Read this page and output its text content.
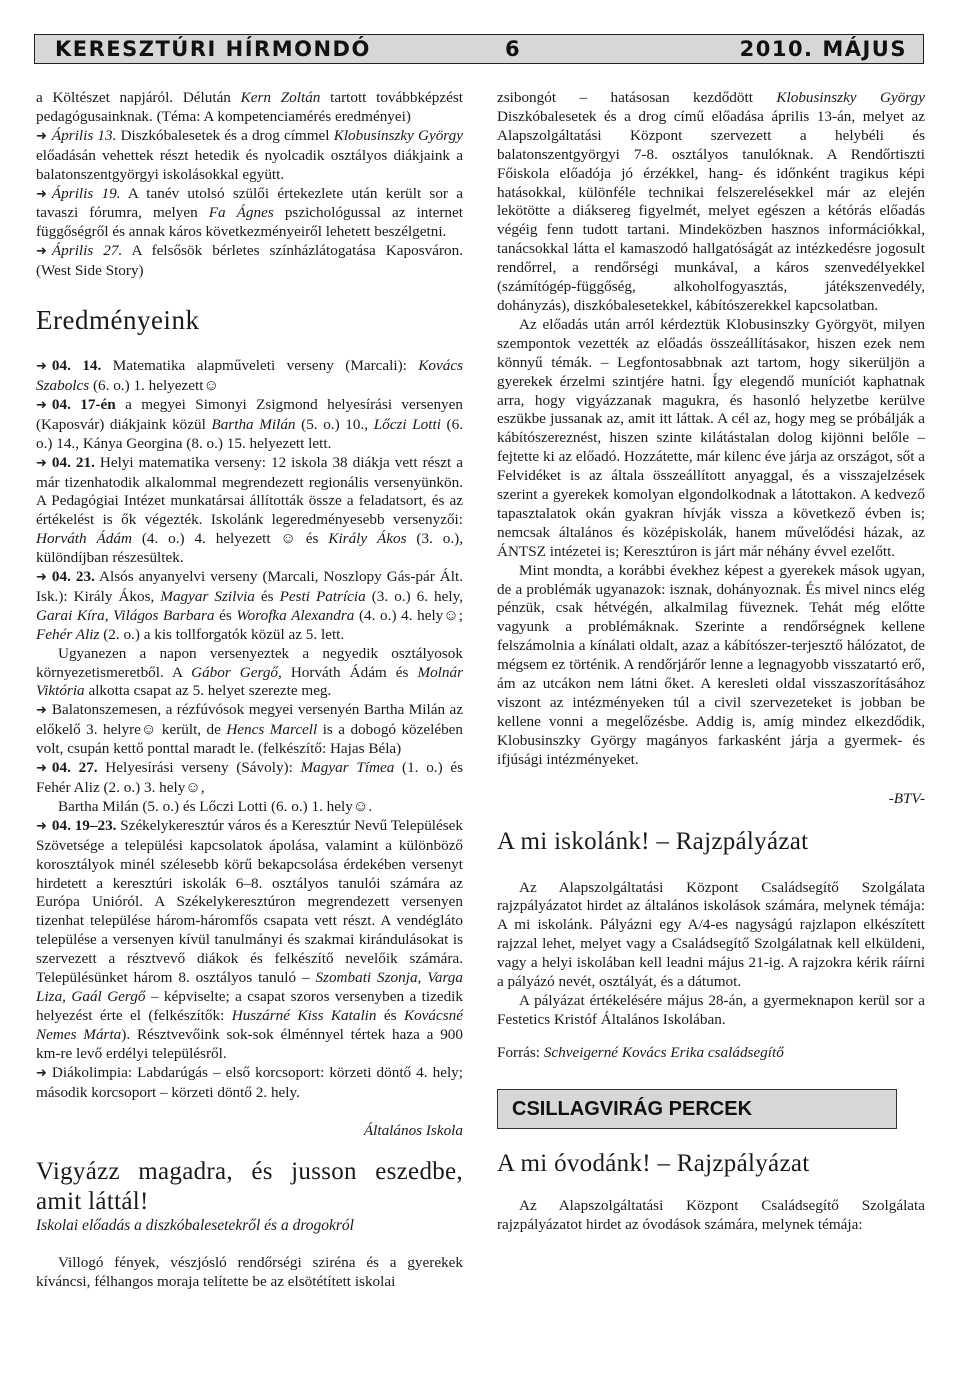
KERESZTÚRI HÍRMONDÓ	6	2010. MÁJUS

a Költészet napjáról. Délután Kern Zoltán tartott továbbképzést pedagógusainknak. (Téma: A kompetenciamérés eredményei)

➜ Április 13. Diszkóbalesetek és a drog címmel Klobusinszky György előadásán vehettek részt hetedik és nyolcadik osztályos diákjaink a balatonszentgyörgyi iskolásokkal együtt.

➜ Április 19. A tanév utolsó szülői értekezlete után került sor a tavaszi fórumra, melyen Fa Ágnes pszichológussal az internet függőségről és annak káros következményeiről lehetett beszélgetni.

➜ Április 27. A felsősök bérletes színházlátogatása Kaposváron. (West Side Story)

Eredményeink

➜ 04. 14. Matematika alapműveleti verseny (Marcali): Kovács Szabolcs (6. o.) 1. helyezett☺

➜ 04. 17-én a megyei Simonyi Zsigmond helyesírási versenyen (Kaposvár) diákjaink közül Bartha Milán (5. o.) 10., Lőczi Lotti (6. o.) 14., Kánya Georgina (8. o.) 15. helyezett lett.

➜ 04. 21. Helyi matematika verseny: 12 iskola 38 diákja vett részt a már tizenhatodik alkalommal megrendezett regionális versenyünkön. A Pedagógiai Intézet munkatársai állították össze a feladatsort, és az értékelést is ők végezték. Iskolánk legeredményesebb versenyzői: Horváth Ádám (4. o.) 4. helyezett ☺ és Király Ákos (3. o.), különdíjban részesültek.

➜ 04. 23. Alsós anyanyelvi verseny (Marcali, Noszlopy Gás-pár Ált. Isk.): Király Ákos, Magyar Szilvia és Pesti Patrícia (3. o.) 6. hely, Garai Kíra, Világos Barbara és Worofka Alexandra (4. o.) 4. hely☺; Fehér Aliz (2. o.) a kis tollforgatók közül az 5. lett.

Ugyanezen a napon versenyeztek a negyedik osztályosok környezetismeretből. A Gábor Gergő, Horváth Ádám és Molnár Viktória alkotta csapat az 5. helyet szerezte meg.

➜ Balatonszemesen, a rézfúvósok megyei versenyén Bartha Milán az előkelő 3. helyre☺ került, de Hencs Marcell is a dobogó közelében volt, csupán kettő ponttal maradt le. (felkészítő: Hajas Béla)

➜ 04. 27. Helyesírási verseny (Sávoly): Magyar Tímea (1. o.) és Fehér Aliz (2. o.) 3. hely☺,

Bartha Milán (5. o.) és Lőczi Lotti (6. o.) 1. hely☺.

➜ 04. 19–23. Székelykeresztúr város és a Keresztúr Nevű Települések Szövetsége a települési kapcsolatok ápolása, valamint a különböző korosztályok minél szélesebb körű bekapcsolása érdekében versenyt hirdetett a keresztúri iskolák 6–8. osztályos tanulói számára az Európa Unióról. A Székelykeresztúron megrendezett versenyen tizenhat települése három-háromfős csapata vett részt. A vendégláto települése a versenyen kívül tanulmányi és szakmai kirándulásokat is szervezett a résztvevő diákok és felkészítő nevelőik számára. Településünket három 8. osztályos tanuló – Szombati Szonja, Varga Liza, Gaál Gergő – képviselte; a csapat szoros versenyben a tizedik helyezést érte el (felkészítők: Huszárné Kiss Katalin és Kovácsné Nemes Márta). Résztvevőink sok-sok élménnyel tértek haza a 900 km-re levő erdélyi településről.

➜ Diákolimpia: Labdarúgás – első korcsoport: körzeti döntő 4. hely; második korcsoport – körzeti döntő 2. hely.

Általános Iskola

Vigyázz magadra, és jusson eszedbe, amit láttál!

Iskolai előadás a diszkóbalesetekről és a drogokról

Villogó fények, vészjósló rendőrségi sziréna és a gyerekek kíváncsi, félhangos moraja telítette be az elsötétített iskolai

zsibongót – hatásosan kezdődött Klobusinszky György Diszkóbalesetek és a drog című előadása április 13-án, melyet az Alapszolgáltatási Központ szervezett a helybéli és balatonszentgyörgyi 7-8. osztályos tanulóknak. A Rendőrtiszti Főiskola előadója jó érzékkel, hang- és időnként tragikus képi hatásokkal, különféle technikai felszerelésekkel már az elején lekötötte a diáksereg figyelmét, melyet egészen a kétórás előadás végéig fenn tudott tartani. Mindeközben hasznos információkkal, tanácsokkal látta el kamaszodó hallgatóságát az intézkedésre jogosult rendőrrel, a rendőrségi munkával, a káros szenvedélyekkel (számítógép-függőség, alkoholfogyasztás, játékszenvedély, dohányzás), diszkóbalesetekkel, kábítószerekkel kapcsolatban.

Az előadás után arról kérdeztük Klobusinszky Györgyöt, milyen szempontok vezették az előadás összeállításakor, hiszen ezek nem könnyű témák. – Legfontosabbnak azt tartom, hogy sikerüljön a gyerekek érzelmi szintjére hatni. Így elegendő muníciót kaphatnak arra, hogy vigyázzanak magukra, és hasonló helyzetbe kerülve eszükbe jussanak az, amit itt láttak. A cél az, hogy meg se próbálják a kábítószereznést, hiszen szinte kilátástalan dolog kijönni belőle – fejtette ki az előadó. Hozzátette, már kilenc éve járja az országot, sőt a Felvidéket is az általa összeállított anyaggal, és a visszajelzések szerint a gyerekek komolyan elgondolkodnak a látottakon. A kedvező tapasztalatok okán gyakran hívják vissza a következő évben is; nemcsak általános és középiskolák, hanem művelődési házak, az ÁNTSZ intézetei is; Keresztúron is járt már néhány évvel ezelőtt.

Mint mondta, a korábbi évekhez képest a gyerekek mások ugyan, de a problémák ugyanazok: isznak, dohányoznak. És mivel nincs elég pénzük, csak hétvégén, alkalmilag füveznek. Tehát még előtte vagyunk a problémáknak. Szerinte a rendőrségnek kellene felszámolnia a kínálati oldalt, azaz a kábítószer-terjesztő hálózatot, de mégsem ez történik. A rendőrjárőr lenne a legnagyobb visszatartó erő, ám az utcákon nem látni őket. A keresleti oldal visszaszorításához viszont az intézményeken túl a civil szervezeteket is jobban be kellene vonni a megelőzésbe. Addig is, amíg mindez elkezdődik, Klobusinszky György magányos farkasként járja a gyermek- és ifjúsági intézményeket.

-BTV-

A mi iskolánk! – Rajzpályázat

Az Alapszolgáltatási Központ Családsegítő Szolgálata rajzpályázatot hirdet az általános iskolások számára, melynek témája: A mi iskolánk. Pályázni egy A/4-es nagyságú rajzlapon elkészített rajzzal lehet, melyet vagy a Családsegítő Szolgálatnak kell elküldeni, vagy a helyi iskolában kell leadni május 21-ig. A rajzokra kérik ráírni a pályázó nevét, osztályát, és a dátumot.

A pályázat értékelésére május 28-án, a gyermeknapon kerül sor a Festetics Kristóf Általános Iskolában.

Forrás: Schveigerné Kovács Erika családsegítő

CSILLAGVIRÁG PERCEK
A mi óvodánk! – Rajzpályázat

Az Alapszolgáltatási Központ Családsegítő Szolgálata rajzpályázatot hirdet az óvodások számára, melynek témája:
